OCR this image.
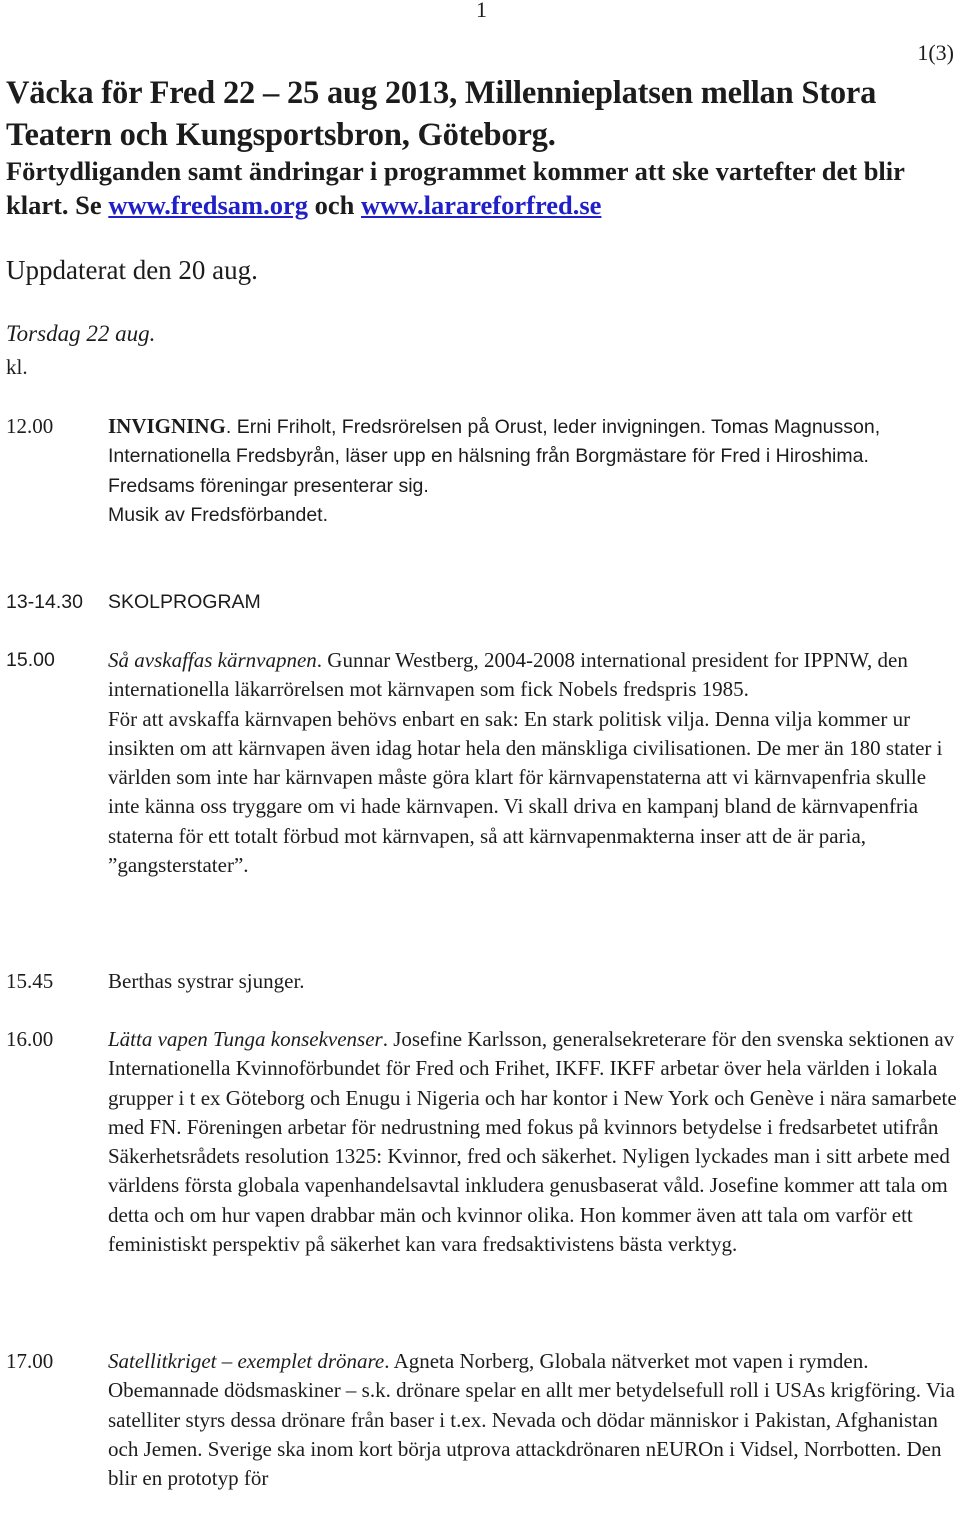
1
1(3)
Väcka för Fred 22 – 25 aug 2013, Millennieplatsen mellan Stora Teatern och Kungsportsbron, Göteborg.

Förtydliganden samt ändringar i programmet kommer att ske vartefter det blir klart. Se www.fredsam.org och www.larareforfred.se

Uppdaterat den 20 aug.
Torsdag 22 aug.
kl.
12.00	INVIGNING. Erni Friholt, Fredsrörelsen på Orust, leder invigningen. Tomas Magnusson, Internationella Fredsbyrån, läser upp en hälsning från Borgmästare för Fred i Hiroshima.

Fredsams föreningar presenterar sig.

Musik av Fredsförbandet.

13-14.30 SKOLPROGRAM
15.00	Så avskaffas kärnvapnen. Gunnar Westberg, 2004-2008 international president for IPPNW, den internationella läkarrörelsen mot kärnvapen som fick Nobels fredspris 1985.

För att avskaffa kärnvapen behövs enbart en sak: En stark politisk vilja. Denna vilja kommer ur insikten om att kärnvapen även idag hotar hela den mänskliga civilisationen. De mer än 180 stater i världen som inte har kärnvapen måste göra klart för kärnvapenstaterna att vi kärnvapenfria skulle inte känna oss tryggare om vi hade kärnvapen. Vi skall driva en kampanj bland de kärnvapenfria staterna för ett totalt förbud mot kärnvapen, så att kärnvapenmakterna inser att de är paria, ”gangsterstater”.

15.45	Berthas systrar sjunger.
16.00	Lätta vapen Tunga konsekvenser. Josefine Karlsson, generalsekreterare för den svenska sektionen av Internationella Kvinnoförbundet för Fred och Frihet, IKFF. IKFF arbetar över hela världen i lokala grupper i t ex Göteborg och Enugu i Nigeria och har kontor i New York och Genève i nära samarbete med FN. Föreningen arbetar för nedrustning med fokus på kvinnors betydelse i fredsarbetet utifrån Säkerhetsrådets resolution 1325: Kvinnor, fred och säkerhet. Nyligen lyckades man i sitt arbete med världens första globala vapenhandelsavtal inkludera genusbaserat våld. Josefine kommer att tala om detta och om hur vapen drabbar män och kvinnor olika. Hon kommer även att tala om varför ett feministiskt perspektiv på säkerhet kan vara fredsaktivistens bästa verktyg.

17.00	Satellitkriget – exemplet drönare. Agneta Norberg, Globala nätverket mot vapen i rymden.

Obemannade dödsmaskiner – s.k. drönare spelar en allt mer betydelsefull roll i USAs krigföring. Via satelliter styrs dessa drönare från baser i t.ex. Nevada och dödar människor i Pakistan, Afghanistan och Jemen. Sverige ska inom kort börja utprova attackdrönaren nEUROn i Vidsel, Norrbotten. Den blir en prototyp för
